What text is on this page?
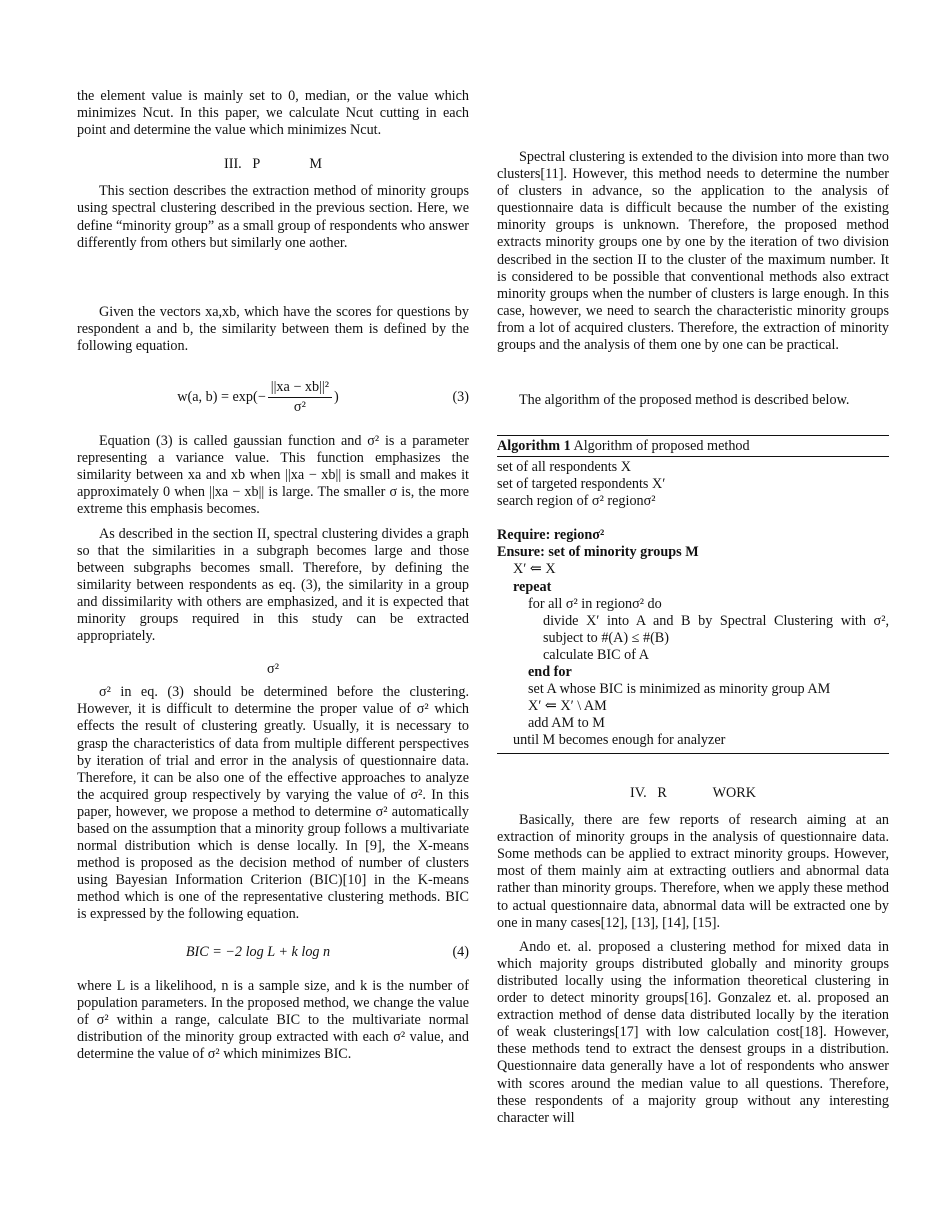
the element value is mainly set to 0, median, or the value which minimizes Ncut. In this paper, we calculate Ncut cutting in each point and determine the value which minimizes Ncut.

III.   P              M

This section describes the extraction method of minority groups using spectral clustering described in the previous section. Here, we define “minority group” as a small group of respondents who answer differently from others but similarly one aother.

Given the vectors xa,xb, which have the scores for questions by respondent a and b, the similarity between them is defined by the following equation.

w(a, $b) = \exp(- \frac{\text{||xa − xb||²}}{\text{σ²}}$ )	(3)

Equation (3) is called gaussian function and σ² is a parameter representing a variance value. This function emphasizes the similarity between xa and xb when ||xa − xb|| is small and makes it approximately 0 when ||xa − xb|| is large. The smaller σ is, the more extreme this emphasis becomes.

As described in the section II, spectral clustering divides a graph so that the similarities in a subgraph becomes large and those between subgraphs becomes small. Therefore, by defining the similarity between respondents as eq. (3), the similarity in a group and dissimilarity with others are emphasized, and it is expected that minority groups required in this study can be extracted appropriately.

σ²

σ² in eq. (3) should be determined before the clustering. However, it is difficult to determine the proper value of σ² which effects the result of clustering greatly. Usually, it is necessary to grasp the characteristics of data from multiple different perspectives by iteration of trial and error in the analysis of questionnaire data. Therefore, it can be also one of the effective approaches to analyze the acquired group respectively by varying the value of σ². In this paper, however, we propose a method to determine σ² automatically based on the assumption that a minority group follows a multivariate normal distribution which is dense locally. In [9], the X-means method is proposed as the decision method of number of clusters using Bayesian Information Criterion (BIC)[10] in the K-means method which is one of the representative clustering methods. BIC is expressed by the following equation.

BIC = −2 log L + k log n	(4)

where L is a likelihood, n is a sample size, and k is the number of population parameters. In the proposed method, we change the value of σ² within a range, calculate BIC to the multivariate normal distribution of the minority group extracted with each σ² value, and determine the value of σ² which minimizes BIC.

Spectral clustering is extended to the division into more than two clusters[11]. However, this method needs to determine the number of clusters in advance, so the application to the analysis of questionnaire data is difficult because the number of the existing minority groups is unknown. Therefore, the proposed method extracts minority groups one by one by the iteration of two division described in the section II to the cluster of the maximum number. It is considered to be possible that conventional methods also extract minority groups when the number of clusters is large enough. In this case, however, we need to search the characteristic minority groups from a lot of acquired clusters. Therefore, the extraction of minority groups and the analysis of them one by one can be practical.

The algorithm of the proposed method is described below.

Algorithm 1 Algorithm of proposed method
set of all respondents X
set of targeted respondents X′
search region of σ² regionσ²
Require: regionσ²
Ensure: set of minority groups M
X′ ⇐ X
repeat
for all σ² in regionσ² do
divide X′ into A and B by Spectral Clustering with σ², subject to #(A) ≤ #(B)
calculate BIC of A
end for
set A whose BIC is minimized as minority group AM
X′ ⇐ X′ \ AM
add AM to M
until M becomes enough for analyzer
IV.   R             WORK

Basically, there are few reports of research aiming at an extraction of minority groups in the analysis of questionnaire data. Some methods can be applied to extract minority groups. However, most of them mainly aim at extracting outliers and abnormal data rather than minority groups. Therefore, when we apply these method to actual questionnaire data, abnormal data will be extracted one by one in many cases[12], [13], [14], [15].

Ando et. al. proposed a clustering method for mixed data in which majority groups distributed globally and minority groups distributed locally using the information theoretical clustering in order to detect minority groups[16]. Gonzalez et. al. proposed an extraction method of dense data distributed locally by the iteration of weak clusterings[17] with low calculation cost[18]. However, these methods tend to extract the densest groups in a distribution. Questionnaire data generally have a lot of respondents who answer with scores around the median value to all questions. Therefore, these respondents of a majority group without any interesting character will
